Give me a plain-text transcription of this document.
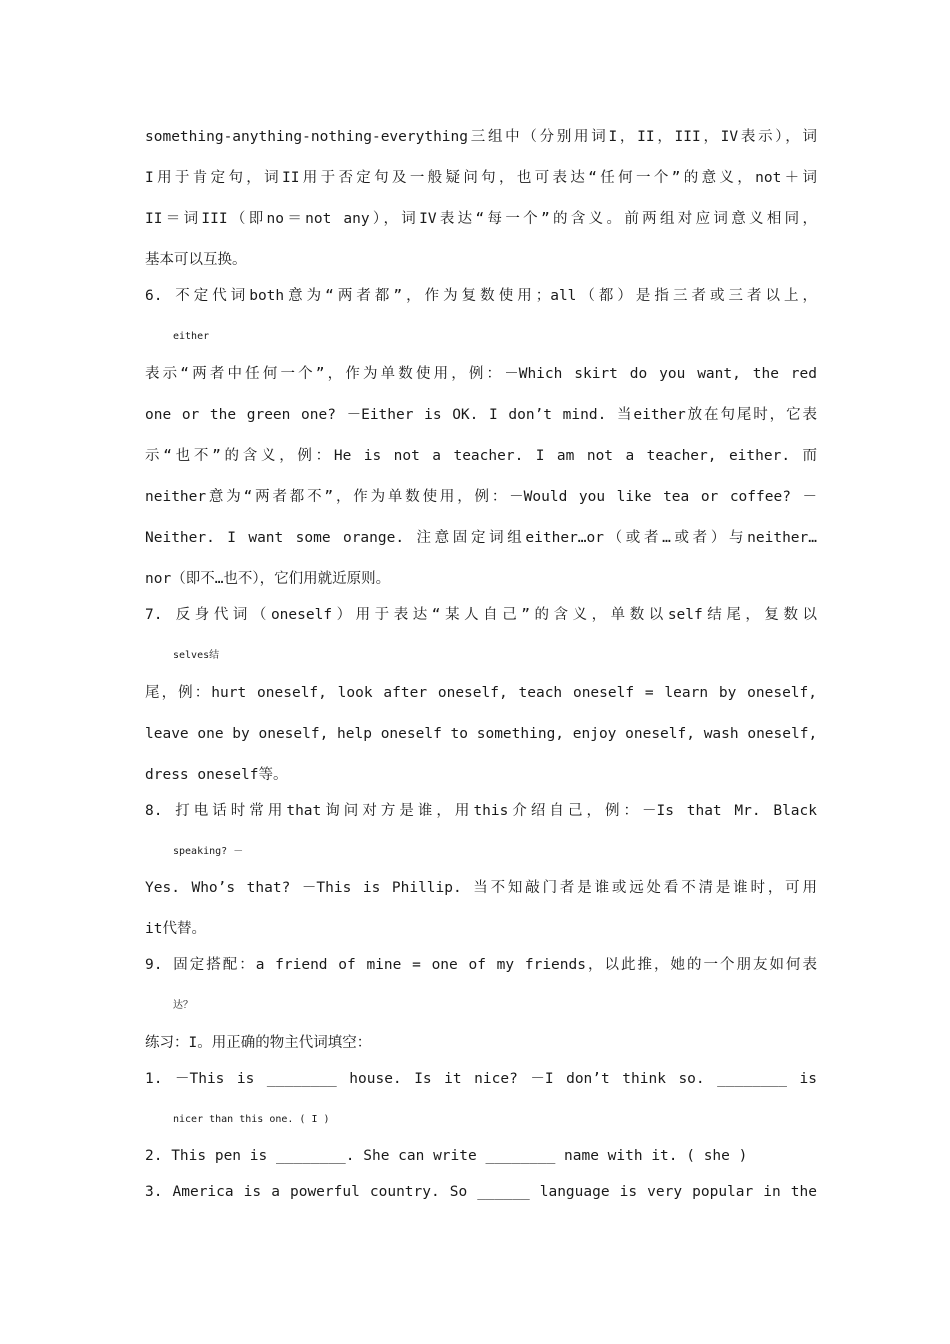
something-anything-nothing-everything三组中（分别用词I，II，III，IV表示），词

I用于肯定句，词II用于否定句及一般疑问句，也可表达“任何一个”的意义，not＋词

II＝词III（即no＝not any），词IV表达“每一个”的含义。前两组对应词意义相同，

基本可以互换。

6. 不定代词both意为“两者都”，作为复数使用；all（都）是指三者或三者以上，

either

表示“两者中任何一个”，作为单数使用，例：－Which skirt do you want, the red

one or the green one? －Either is OK. I don’t mind. 当either放在句尾时，它表

示“也不”的含义，例：He is not a teacher. I am not a teacher, either. 而

neither意为“两者都不”，作为单数使用，例：－Would you like tea or coffee? －

Neither. I want some orange. 注意固定词组either…or（或者…或者）与neither…

nor（即不…也不），它们用就近原则。

7. 反身代词（oneself）用于表达“某人自己”的含义，单数以self结尾，复数以

selves结

尾，例：hurt oneself, look after oneself, teach oneself = learn by oneself,

leave one by oneself, help oneself to something, enjoy oneself, wash oneself,

dress oneself等。

8. 打电话时常用that询问对方是谁，用this介绍自己，例：－Is that Mr. Black

speaking? －

Yes. Who’s that? －This is Phillip. 当不知敲门者是谁或远处看不清是谁时，可用

it代替。

9. 固定搭配：a friend of mine = one of my friends，以此推，她的一个朋友如何表

达？

练习：I。用正确的物主代词填空：

1. －This is ________ house. Is it nice? －I don’t think so. ________ is

nicer than this one. ( I )

2. This pen is ________. She can write ________ name with it. ( she )

3. America is a powerful country. So ______ language is very popular in the
